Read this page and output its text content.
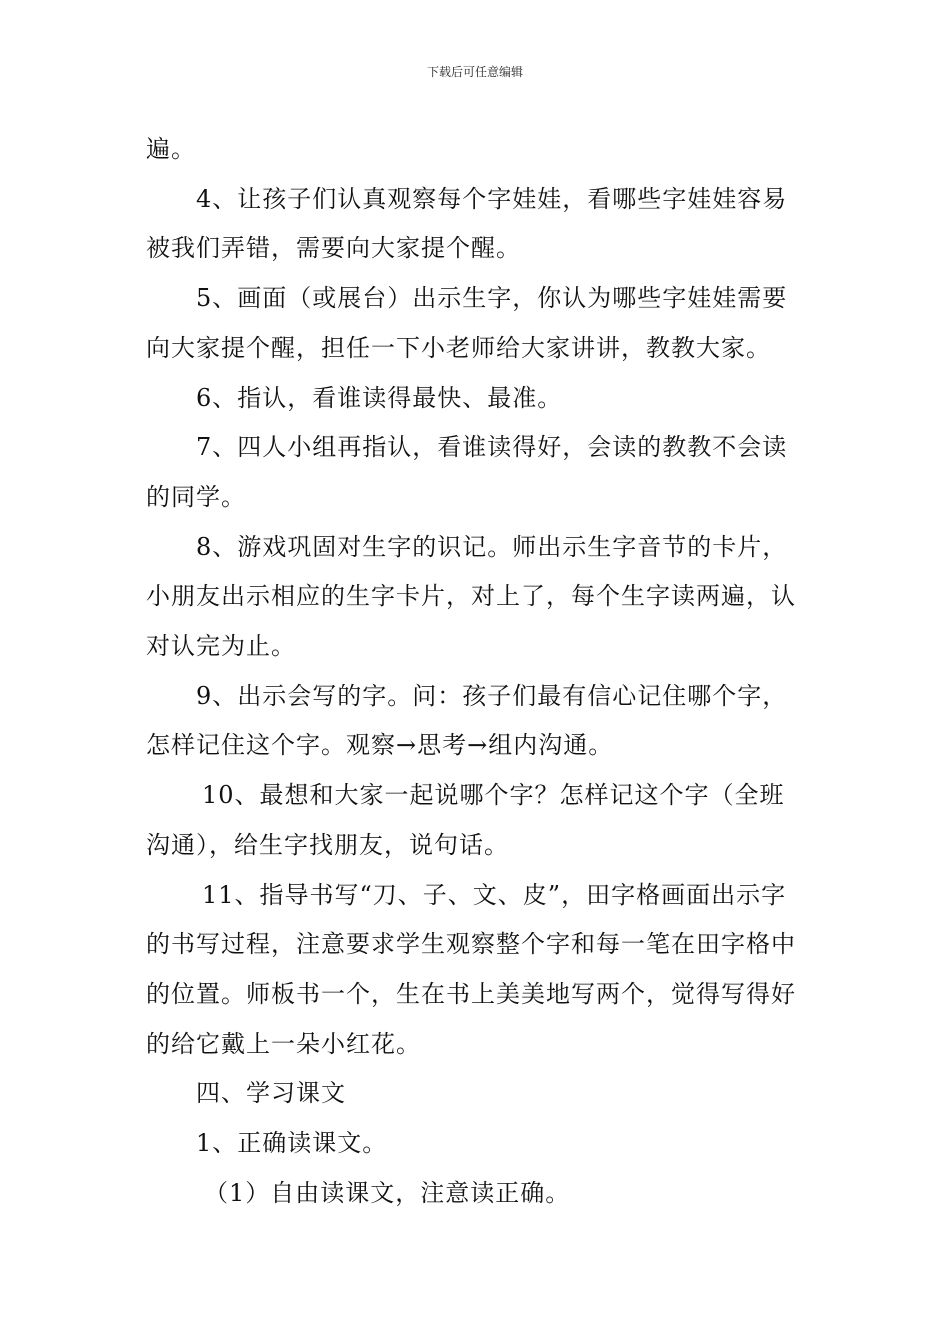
下载后可任意编辑

遍。

4、让孩子们认真观察每个字娃娃，看哪些字娃娃容易被我们弄错，需要向大家提个醒。

5、画面（或展台）出示生字，你认为哪些字娃娃需要向大家提个醒，担任一下小老师给大家讲讲，教教大家。

6、指认，看谁读得最快、最准。

7、四人小组再指认，看谁读得好，会读的教教不会读的同学。

8、游戏巩固对生字的识记。师出示生字音节的卡片，小朋友出示相应的生字卡片，对上了，每个生字读两遍，认对认完为止。

9、出示会写的字。问：孩子们最有信心记住哪个字，怎样记住这个字。观察→思考→组内沟通。

10、最想和大家一起说哪个字？怎样记这个字（全班沟通），给生字找朋友，说句话。

11、指导书写“刀、子、文、皮”，田字格画面出示字的书写过程，注意要求学生观察整个字和每一笔在田字格中的位置。师板书一个，生在书上美美地写两个，觉得写得好的给它戴上一朵小红花。

四、学习课文

1、正确读课文。

（1）自由读课文，注意读正确。
